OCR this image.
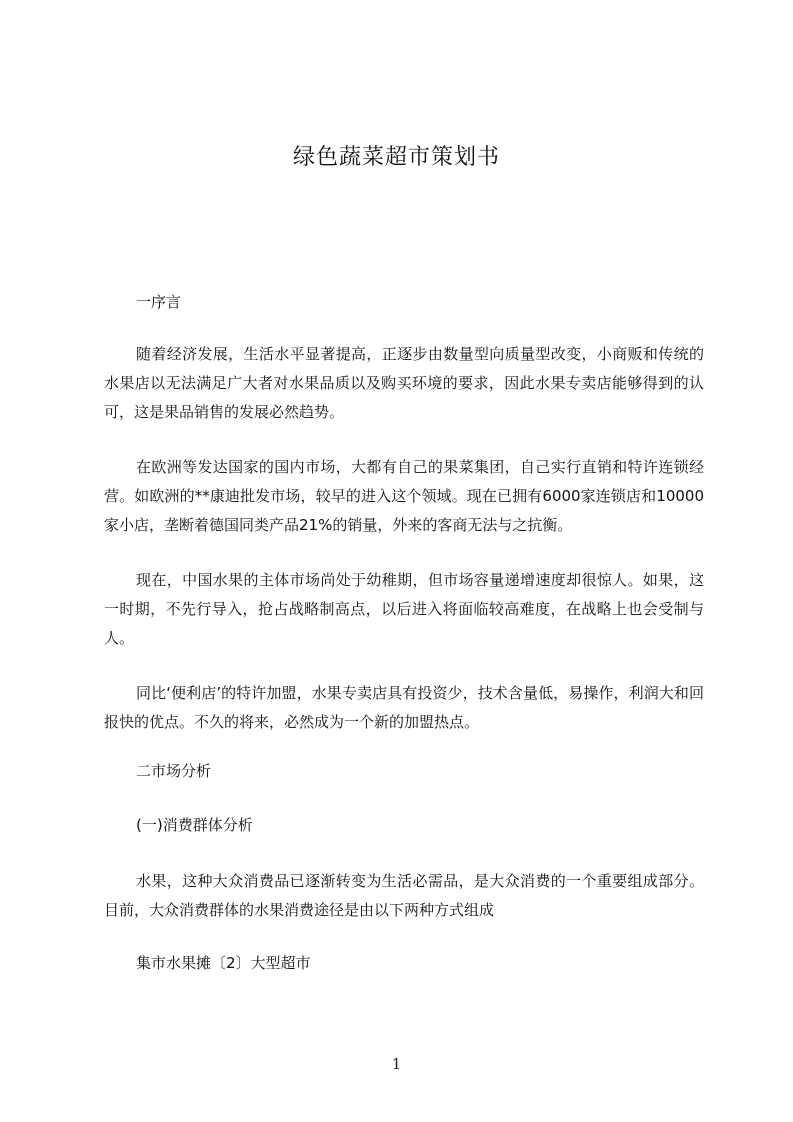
绿色蔬菜超市策划书

一序言

随着经济发展，生活水平显著提高，正逐步由数量型向质量型改变，小商贩和传统的水果店以无法满足广大者对水果品质以及购买环境的要求，因此水果专卖店能够得到的认可，这是果品销售的发展必然趋势。

在欧洲等发达国家的国内市场，大都有自己的果菜集团，自己实行直销和特许连锁经营。如欧洲的**康迪批发市场，较早的进入这个领域。现在已拥有6000家连锁店和10000家小店，垄断着德国同类产品21%的销量，外来的客商无法与之抗衡。

现在，中国水果的主体市场尚处于幼稚期，但市场容量递增速度却很惊人。如果，这一时期，不先行导入，抢占战略制高点，以后进入将面临较高难度，在战略上也会受制与人。

同比‘便利店’的特许加盟，水果专卖店具有投资少，技术含量低，易操作，利润大和回报快的优点。不久的将来，必然成为一个新的加盟热点。

二市场分析

(一)消费群体分析

水果，这种大众消费品已逐渐转变为生活必需品，是大众消费的一个重要组成部分。目前，大众消费群体的水果消费途径是由以下两种方式组成

集市水果摊〔2〕大型超市

1
